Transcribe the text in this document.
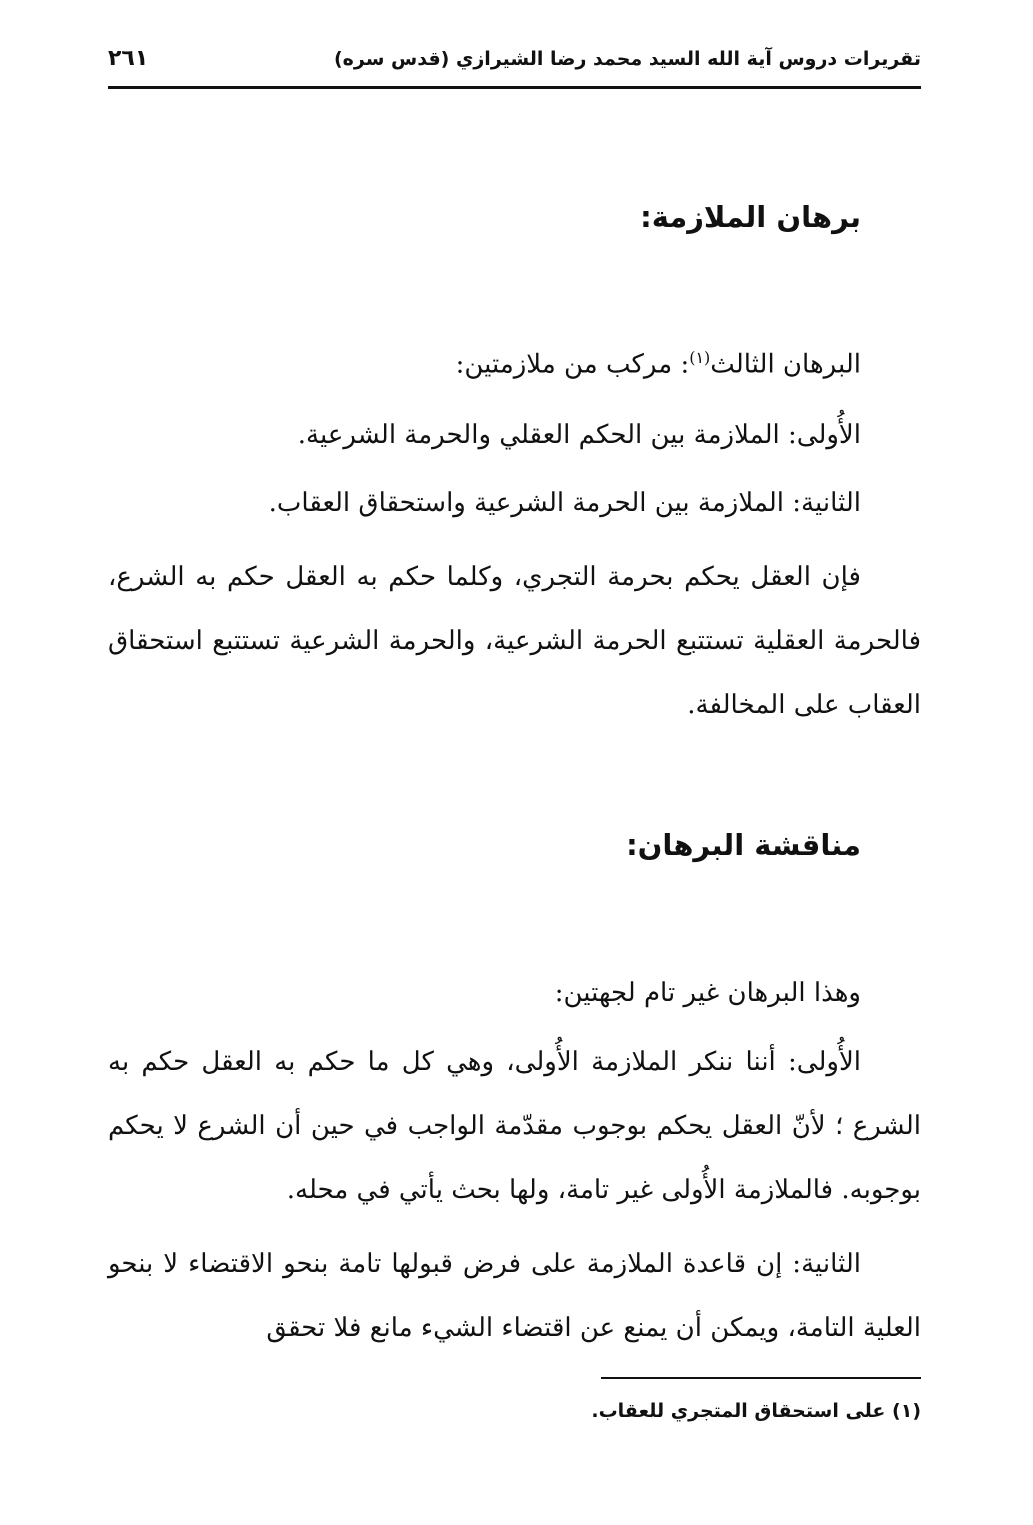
تقريرات دروس آية الله السيد محمد رضا الشيرازي (قدس سره)
٢٦١
برهان الملازمة:

البرهان الثالث$^{(١)}$: مركب من ملازمتين:

الأُولى: الملازمة بين الحكم العقلي والحرمة الشرعية.

الثانية: الملازمة بين الحرمة الشرعية واستحقاق العقاب.

فإن العقل يحكم بحرمة التجري، وكلما حكم به العقل حكم به الشرع، فالحرمة العقلية تستتبع الحرمة الشرعية، والحرمة الشرعية تستتبع استحقاق العقاب على المخالفة.

مناقشة البرهان:

وهذا البرهان غير تام لجهتين:

الأُولى: أننا ننكر الملازمة الأُولى، وهي كل ما حكم به العقل حكم به الشرع ؛ لأنّ العقل يحكم بوجوب مقدّمة الواجب في حين أن الشرع لا يحكم بوجوبه. فالملازمة الأُولى غير تامة، ولها بحث يأتي في محله.

الثانية: إن قاعدة الملازمة على فرض قبولها تامة بنحو الاقتضاء لا بنحو العلية التامة، ويمكن أن يمنع عن اقتضاء الشيء مانع فلا تحقق

(١) على استحقاق المتجري للعقاب.
